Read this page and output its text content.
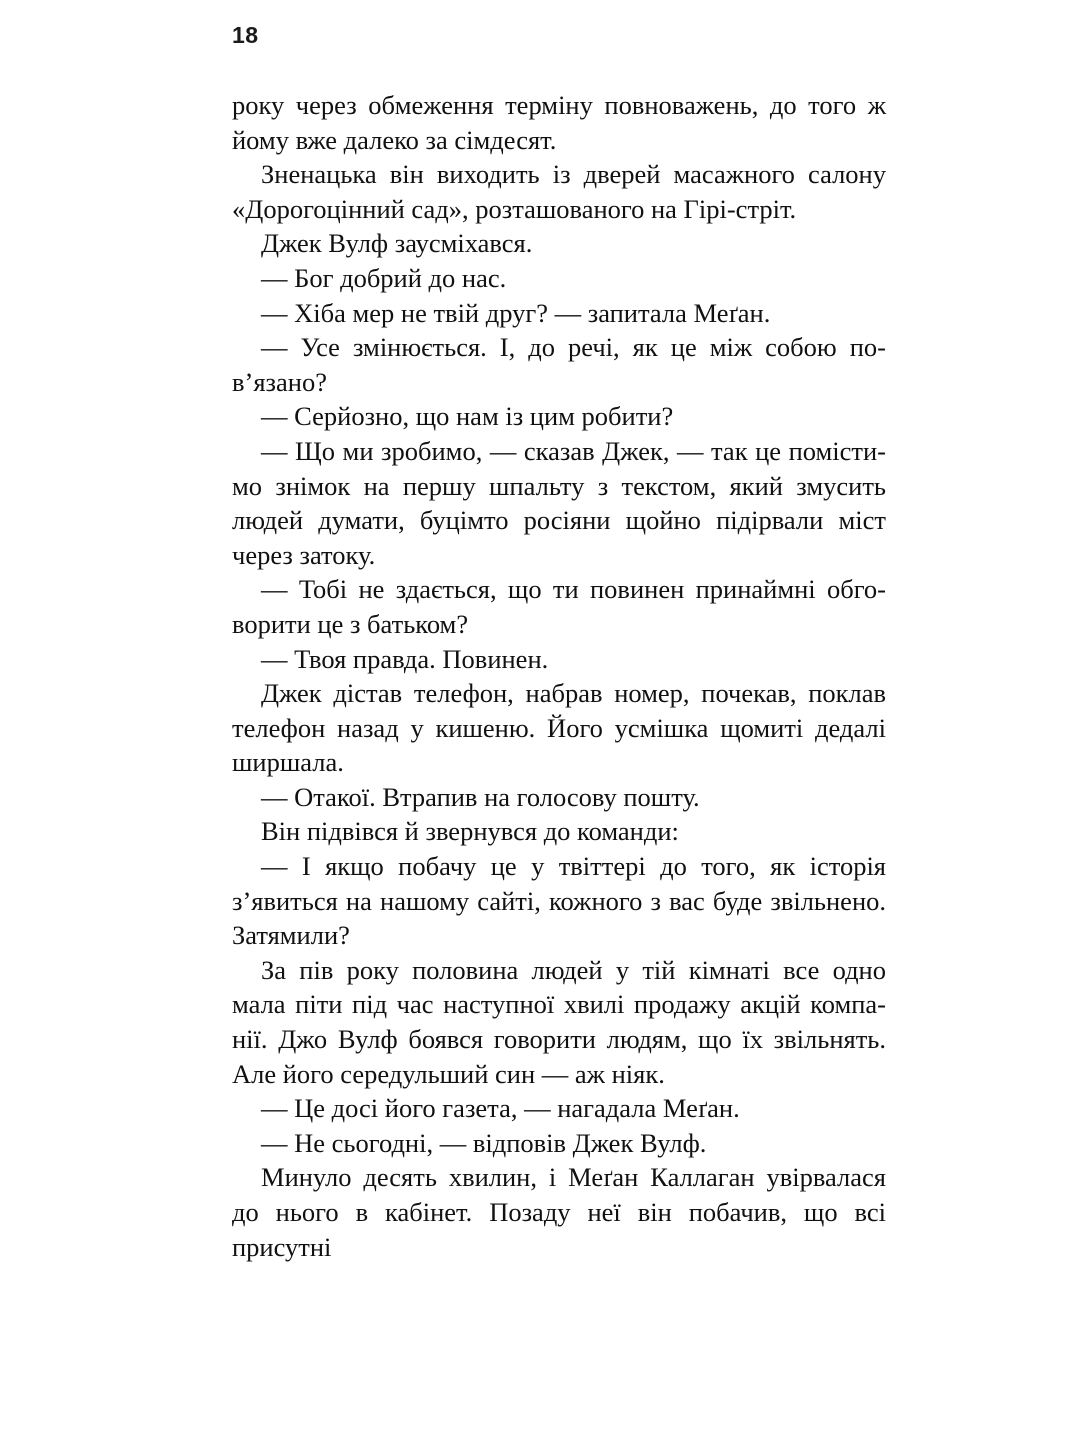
18

року через обмеження терміну повноважень, до того ж йому вже далеко за сімдесят.

Зненацька він виходить із дверей масажного салону «Дорогоцінний сад», розташованого на Гірі-стріт.

Джек Вулф заусміхався.

— Бог добрий до нас.

— Хіба мер не твій друг? — запитала Меґан.

— Усе змінюється. І, до речі, як це між собою пов’язано?

— Серйозно, що нам із цим робити?

— Що ми зробимо, — сказав Джек, — так це помістимо знімок на першу шпальту з текстом, який змусить людей думати, буцімто росіяни щойно підірвали міст через затоку.

— Тобі не здається, що ти повинен принаймні обговорити це з батьком?

— Твоя правда. Повинен.

Джек дістав телефон, набрав номер, почекав, поклав телефон назад у кишеню. Його усмішка щомиті дедалі ширшала.

— Отакої. Втрапив на голосову пошту.

Він підвівся й звернувся до команди:

— І якщо побачу це у твіттері до того, як історія з’явиться на нашому сайті, кожного з вас буде звільнено. Затямили?

За пів року половина людей у тій кімнаті все одно мала піти під час наступної хвилі продажу акцій компанії. Джо Вулф боявся говорити людям, що їх звільнять. Але його середульший син — аж ніяк.

— Це досі його газета, — нагадала Меґан.

— Не сьогодні, — відповів Джек Вулф.

Минуло десять хвилин, і Меґан Каллаган увірвалася до нього в кабінет. Позаду неї він побачив, що всі присутні
